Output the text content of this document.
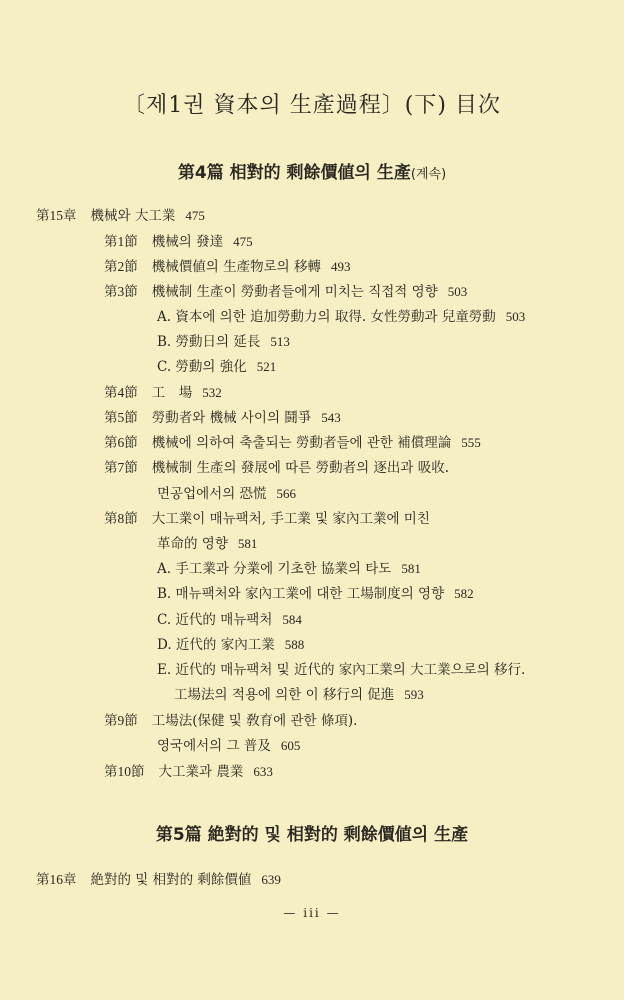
〔제1권 資本의 生產過程〕(下) 目次
第4篇 相對的 剩餘價値의 生產(계속)
第15章 機械와 大工業 475
第1節 機械의 發達 475
第2節 機械價値의 生產物로의 移轉 493
第3節 機械制 生產이 勞動者들에게 미치는 직접적 영향 503
A. 資本에 의한 追加勞動力의 取得. 女性勞動과 兒童勞動 503
B. 勞動日의 延長 513
C. 勞動의 強化 521
第4節 工　場 532
第5節 勞動者와 機械 사이의 鬪爭 543
第6節 機械에 의하여 축출되는 勞動者들에 관한 補償理論 555
第7節 機械制 生產의 發展에 따른 勞動者의 逐出과 吸收.
면공업에서의 恐慌 566
第8節 大工業이 매뉴팩처, 手工業 및 家內工業에 미친
革命的 영향 581
A. 手工業과 分業에 기초한 協業의 타도 581
B. 매뉴팩처와 家內工業에 대한 工場制度의 영향 582
C. 近代的 매뉴팩처 584
D. 近代的 家內工業 588
E. 近代的 매뉴팩처 및 近代的 家內工業의 大工業으로의 移行.
工場法의 적용에 의한 이 移行의 促進 593
第9節 工場法(保健 및 敎育에 관한 條項).
영국에서의 그 普及 605
第10節 大工業과 農業 633
第5篇 絶對的 및 相對的 剩餘價値의 生產
第16章 絶對的 및 相對的 剩餘價値 639
— iii —
